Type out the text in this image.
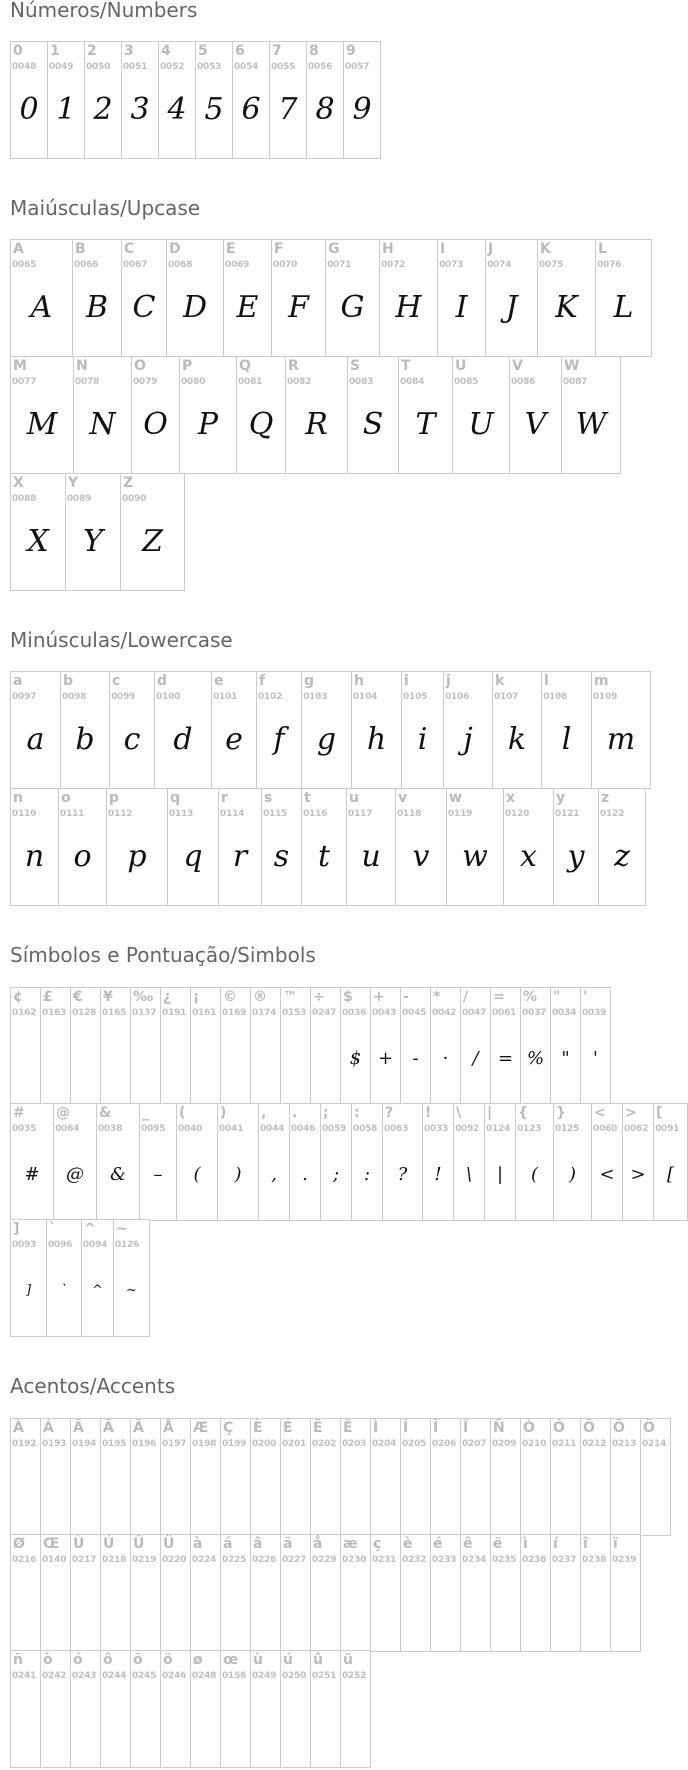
Números/Numbers
Maiúsculas/Upcase
Minúsculas/Lowercase
Símbolos e Pontuação/Simbols
Acentos/Accents
0
0048
0
1
0049
1
2
0050
2
3
0051
3
4
0052
4
5
0053
5
6
0054
6
7
0055
7
8
0056
8
9
0057
9
A
0065
A
B
0066
B
C
0067
C
D
0068
D
E
0069
E
F
0070
F
G
0071
G
H
0072
H
I
0073
I
J
0074
J
K
0075
K
L
0076
L
M
0077
M
N
0078
N
O
0079
O
P
0080
P
Q
0081
Q
R
0082
R
S
0083
S
T
0084
T
U
0085
U
V
0086
V
W
0087
W
X
0088
X
Y
0089
Y
Z
0090
Z
a
0097
a
b
0098
b
c
0099
c
d
0100
d
e
0101
e
f
0102
f
g
0103
g
h
0104
h
i
0105
i
j
0106
j
k
0107
k
l
0108
l
m
0109
m
n
0110
n
o
0111
o
p
0112
p
q
0113
q
r
0114
r
s
0115
s
t
0116
t
u
0117
u
v
0118
v
w
0119
w
x
0120
x
y
0121
y
z
0122
z
¢
0162
£
0163
€
0128
¥
0165
‰
0137
¿
0191
¡
0161
©
0169
®
0174
™
0153
÷
0247
$
0036
$
+
0043
+
-
0045
-
*
0042
·
/
0047
/
=
0061
=
%
0037
%
"
0034
"
'
0039
'
#
0035
#
@
0064
@
&
0038
&
_
0095
–
(
0040
(
)
0041
)
,
0044
,
.
0046
.
;
0059
;
:
0058
:
?
0063
?
!
0033
!
\
0092
\
|
0124
|
{
0123
(
}
0125
)
<
0060
<
>
0062
>
[
0091
[
]
0093
]
`
0096
`
^
0094
^
~
0126
~
À
0192
Á
0193
Â
0194
Ã
0195
Ä
0196
Å
0197
Æ
0198
Ç
0199
È
0200
É
0201
Ê
0202
Ë
0203
Ì
0204
Í
0205
Î
0206
Ï
0207
Ñ
0209
Ò
0210
Ó
0211
Ô
0212
Õ
0213
Ö
0214
Ø
0216
Œ
0140
Ù
0217
Ú
0218
Û
0219
Ü
0220
à
0224
á
0225
â
0226
ã
0227
å
0229
æ
0230
ç
0231
è
0232
é
0233
ê
0234
ë
0235
ì
0236
í
0237
î
0238
ï
0239
ñ
0241
ò
0242
ó
0243
ô
0244
õ
0245
ö
0246
ø
0248
œ
0156
ù
0249
ú
0250
û
0251
ü
0252
